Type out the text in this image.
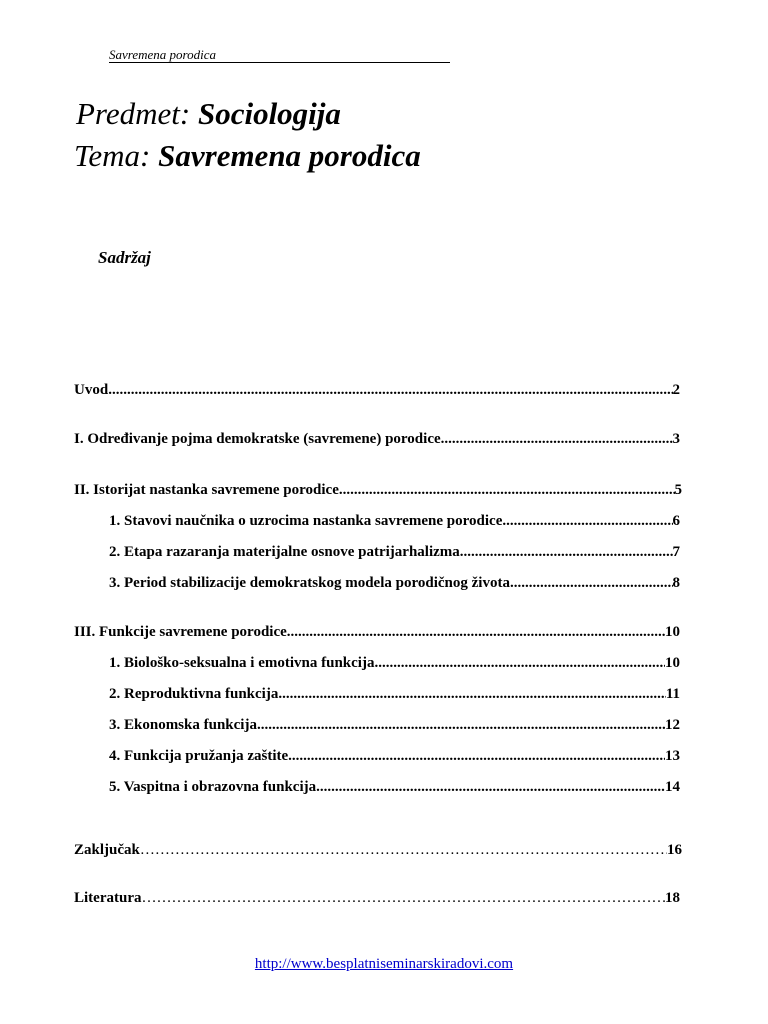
Savremena porodica
Predmet: Sociologija
Tema: Savremena porodica
Sadržaj
Uvod .....	2
I. Određivanje pojma demokratske (savremene) porodice .....	3
II. Istorijat nastanka savremene porodice .....	5
1. Stavovi naučnika o uzrocima nastanka savremene porodice .....	6
2. Etapa razaranja materijalne osnove patrijarhalizma .....	7
3. Period stabilizacije demokratskog modela porodičnog života .....	8
III. Funkcije savremene porodice .....	10
1. Biološko-seksualna i emotivna funkcija .....	10
2. Reproduktivna funkcija .....	11
3. Ekonomska funkcija .....	12
4. Funkcija pružanja zaštite .....	13
5. Vaspitna i obrazovna funkcija .....	14
Zaključak …………………………………………………………………………………………………………………………………………………	16
Literatura …………………………………………………………………………………………………………………………………………………	18
http://www.besplatniseminarskiradovi.com
